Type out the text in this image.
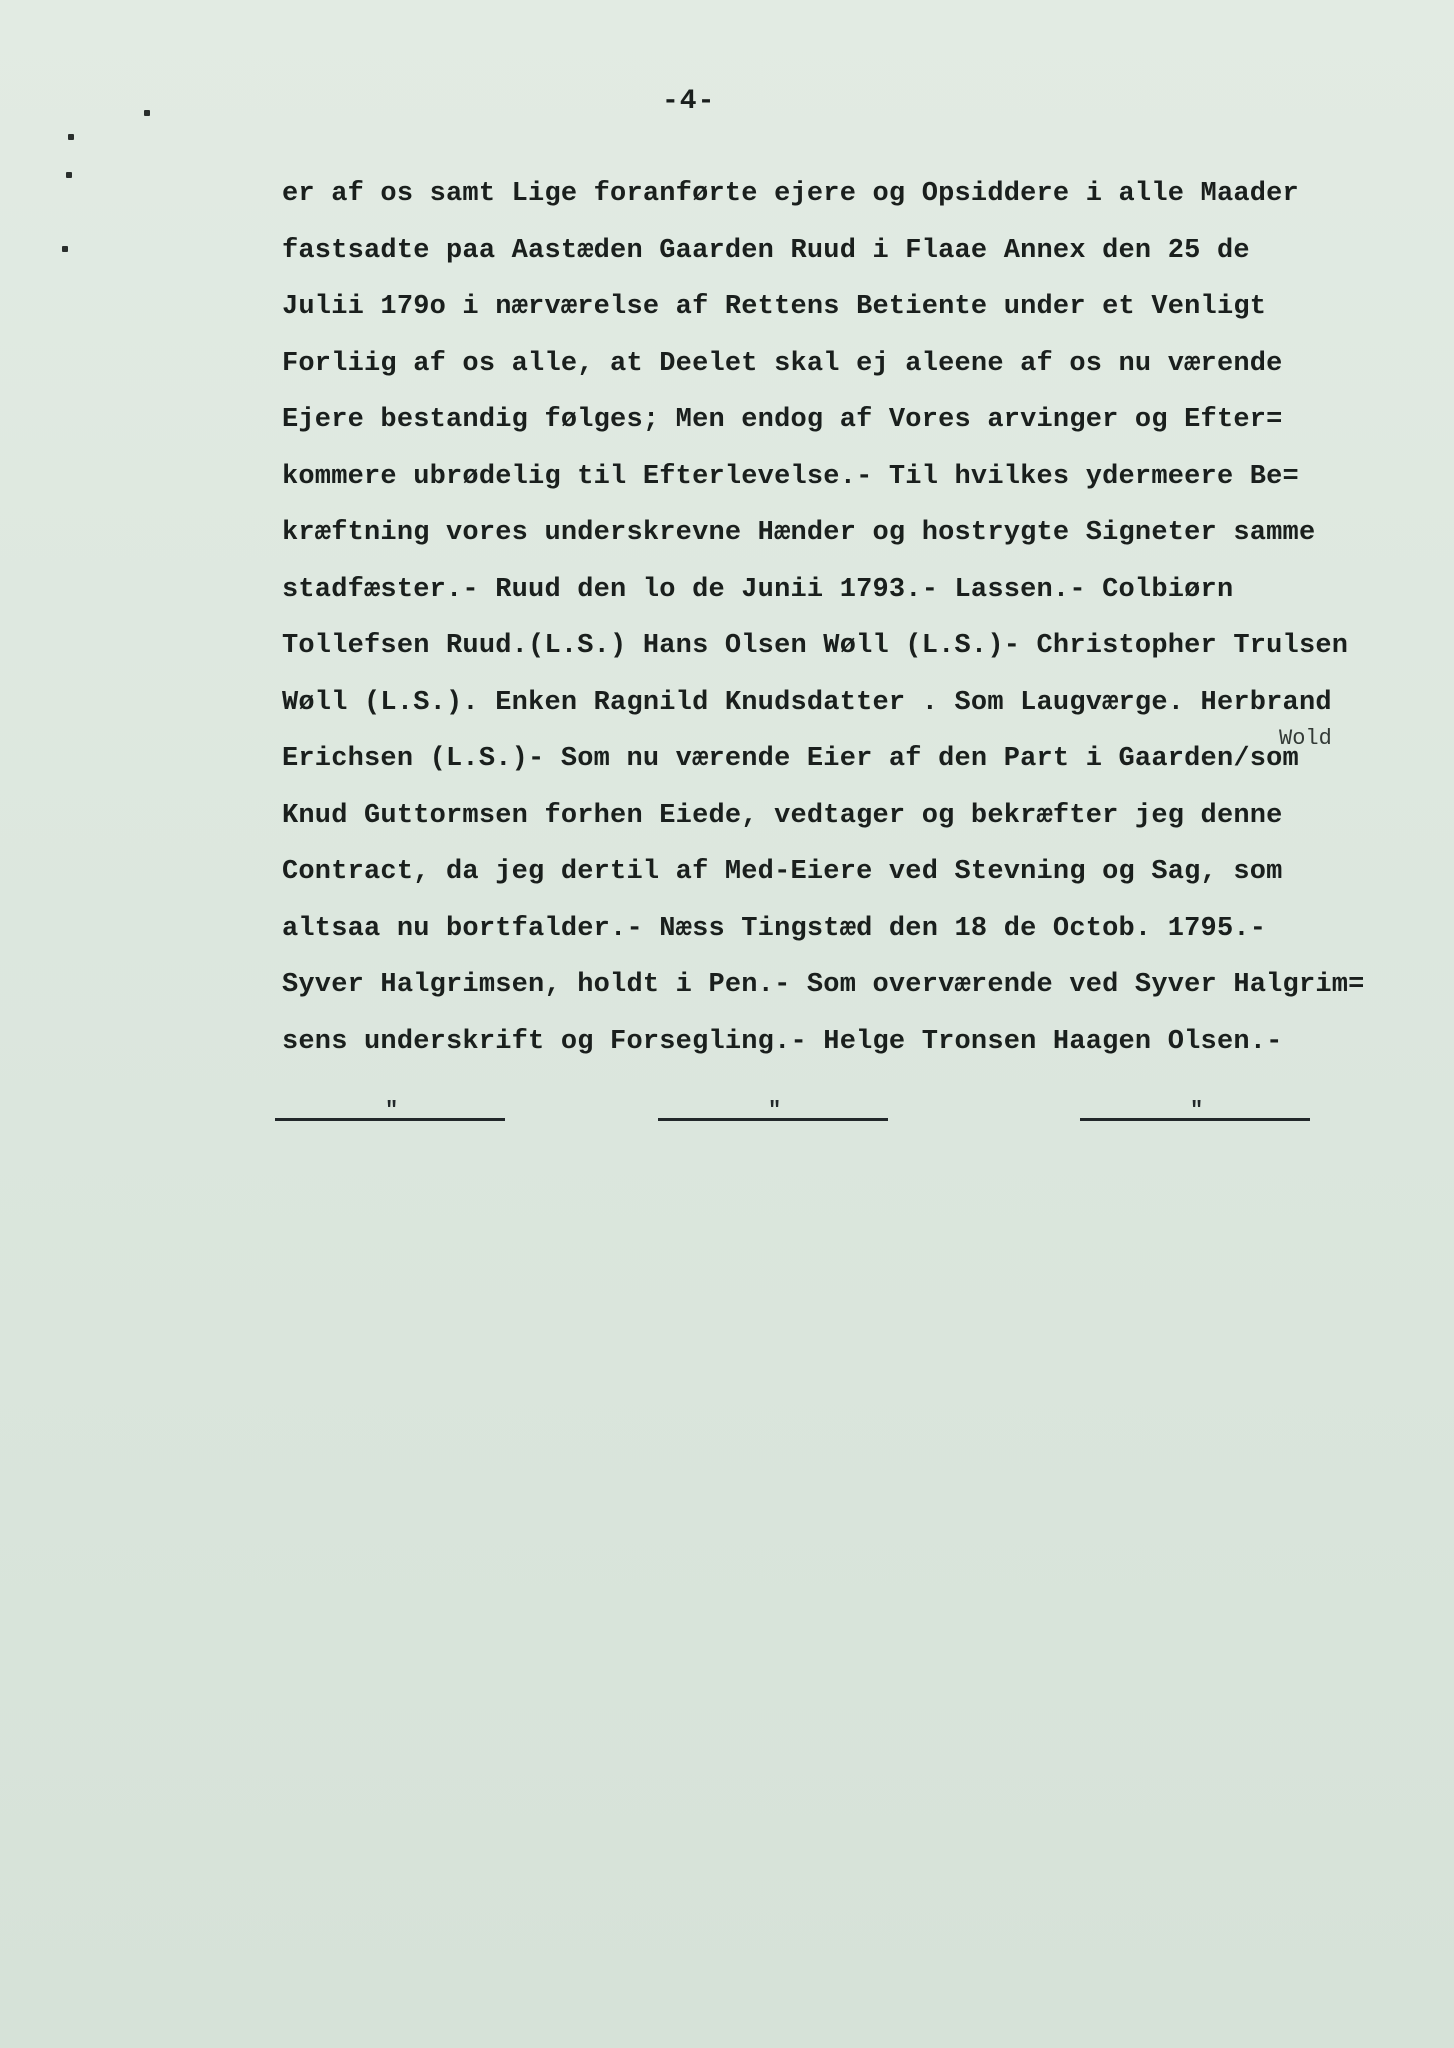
-4-
er af os samt Lige foranførte ejere og Opsiddere i alle Maader
fastsadte paa Aastæden Gaarden Ruud i Flaae Annex den 25 de
Julii 179o i nærværelse af Rettens Betiente under et Venligt
Forliig af os alle, at Deelet skal ej aleene af os nu værende
Ejere bestandig følges; Men endog af Vores arvinger og Efter=
kommere ubrødelig til Efterlevelse.- Til hvilkes ydermeere Be=
kræftning vores underskrevne Hænder og hostrygte Signeter samme
stadfæster.- Ruud den lo de Junii 1793.- Lassen.- Colbiørn
Tollefsen Ruud.(L.S.) Hans Olsen Wøll (L.S.)- Christopher Trulsen
Wøll (L.S.). Enken Ragnild Knudsdatter . Som Laugværge. Herbrand
Erichsen (L.S.)- Som nu værende Eier af den Part i Gaarden/som
Knud Guttormsen forhen Eiede, vedtager og bekræfter jeg denne
Contract, da jeg dertil af Med-Eiere ved Stevning og Sag, som
altsaa nu bortfalder.- Næss Tingstæd den 18 de Octob. 1795.-
Syver Halgrimsen, holdt i Pen.- Som overværende ved Syver Halgrim=
sens underskrift og Forsegling.- Helge Tronsen Haagen Olsen.-
Wold
"	"	"
